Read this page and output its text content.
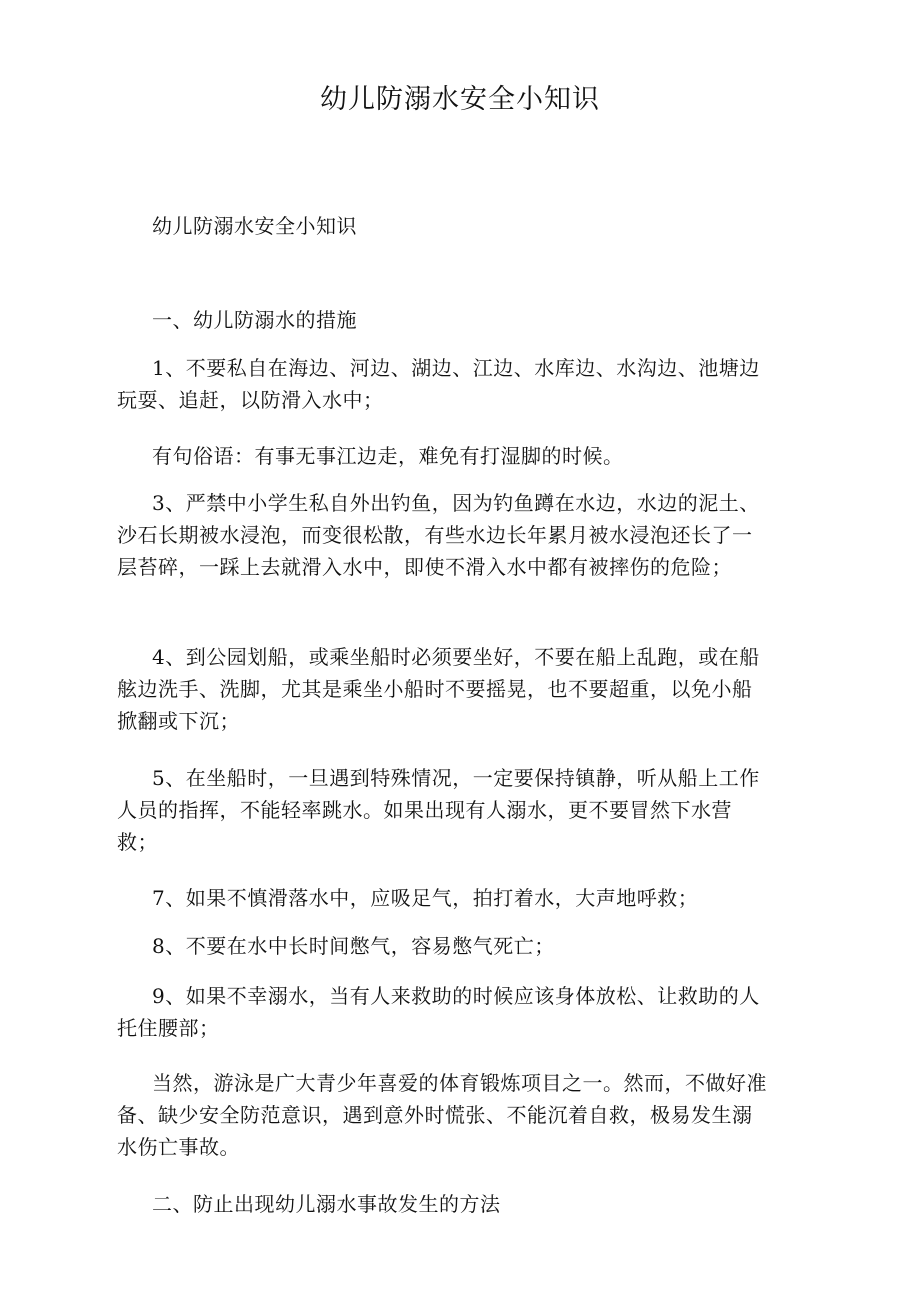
幼儿防溺水安全小知识

幼儿防溺水安全小知识

一、幼儿防溺水的措施

1、不要私自在海边、河边、湖边、江边、水库边、水沟边、池塘边玩耍、追赶，以防滑入水中；

有句俗语：有事无事江边走，难免有打湿脚的时候。

3、严禁中小学生私自外出钓鱼，因为钓鱼蹲在水边，水边的泥土、沙石长期被水浸泡，而变很松散，有些水边长年累月被水浸泡还长了一层苔碎，一踩上去就滑入水中，即使不滑入水中都有被摔伤的危险；

4、到公园划船，或乘坐船时必须要坐好，不要在船上乱跑，或在船舷边洗手、洗脚，尤其是乘坐小船时不要摇晃，也不要超重，以免小船掀翻或下沉；

5、在坐船时，一旦遇到特殊情况，一定要保持镇静，听从船上工作人员的指挥，不能轻率跳水。如果出现有人溺水，更不要冒然下水营救；

7、如果不慎滑落水中，应吸足气，拍打着水，大声地呼救；

8、不要在水中长时间憋气，容易憋气死亡；

9、如果不幸溺水，当有人来救助的时候应该身体放松、让救助的人托住腰部；

当然，游泳是广大青少年喜爱的体育锻炼项目之一。然而，不做好准备、缺少安全防范意识，遇到意外时慌张、不能沉着自救，极易发生溺水伤亡事故。

二、防止出现幼儿溺水事故发生的方法
